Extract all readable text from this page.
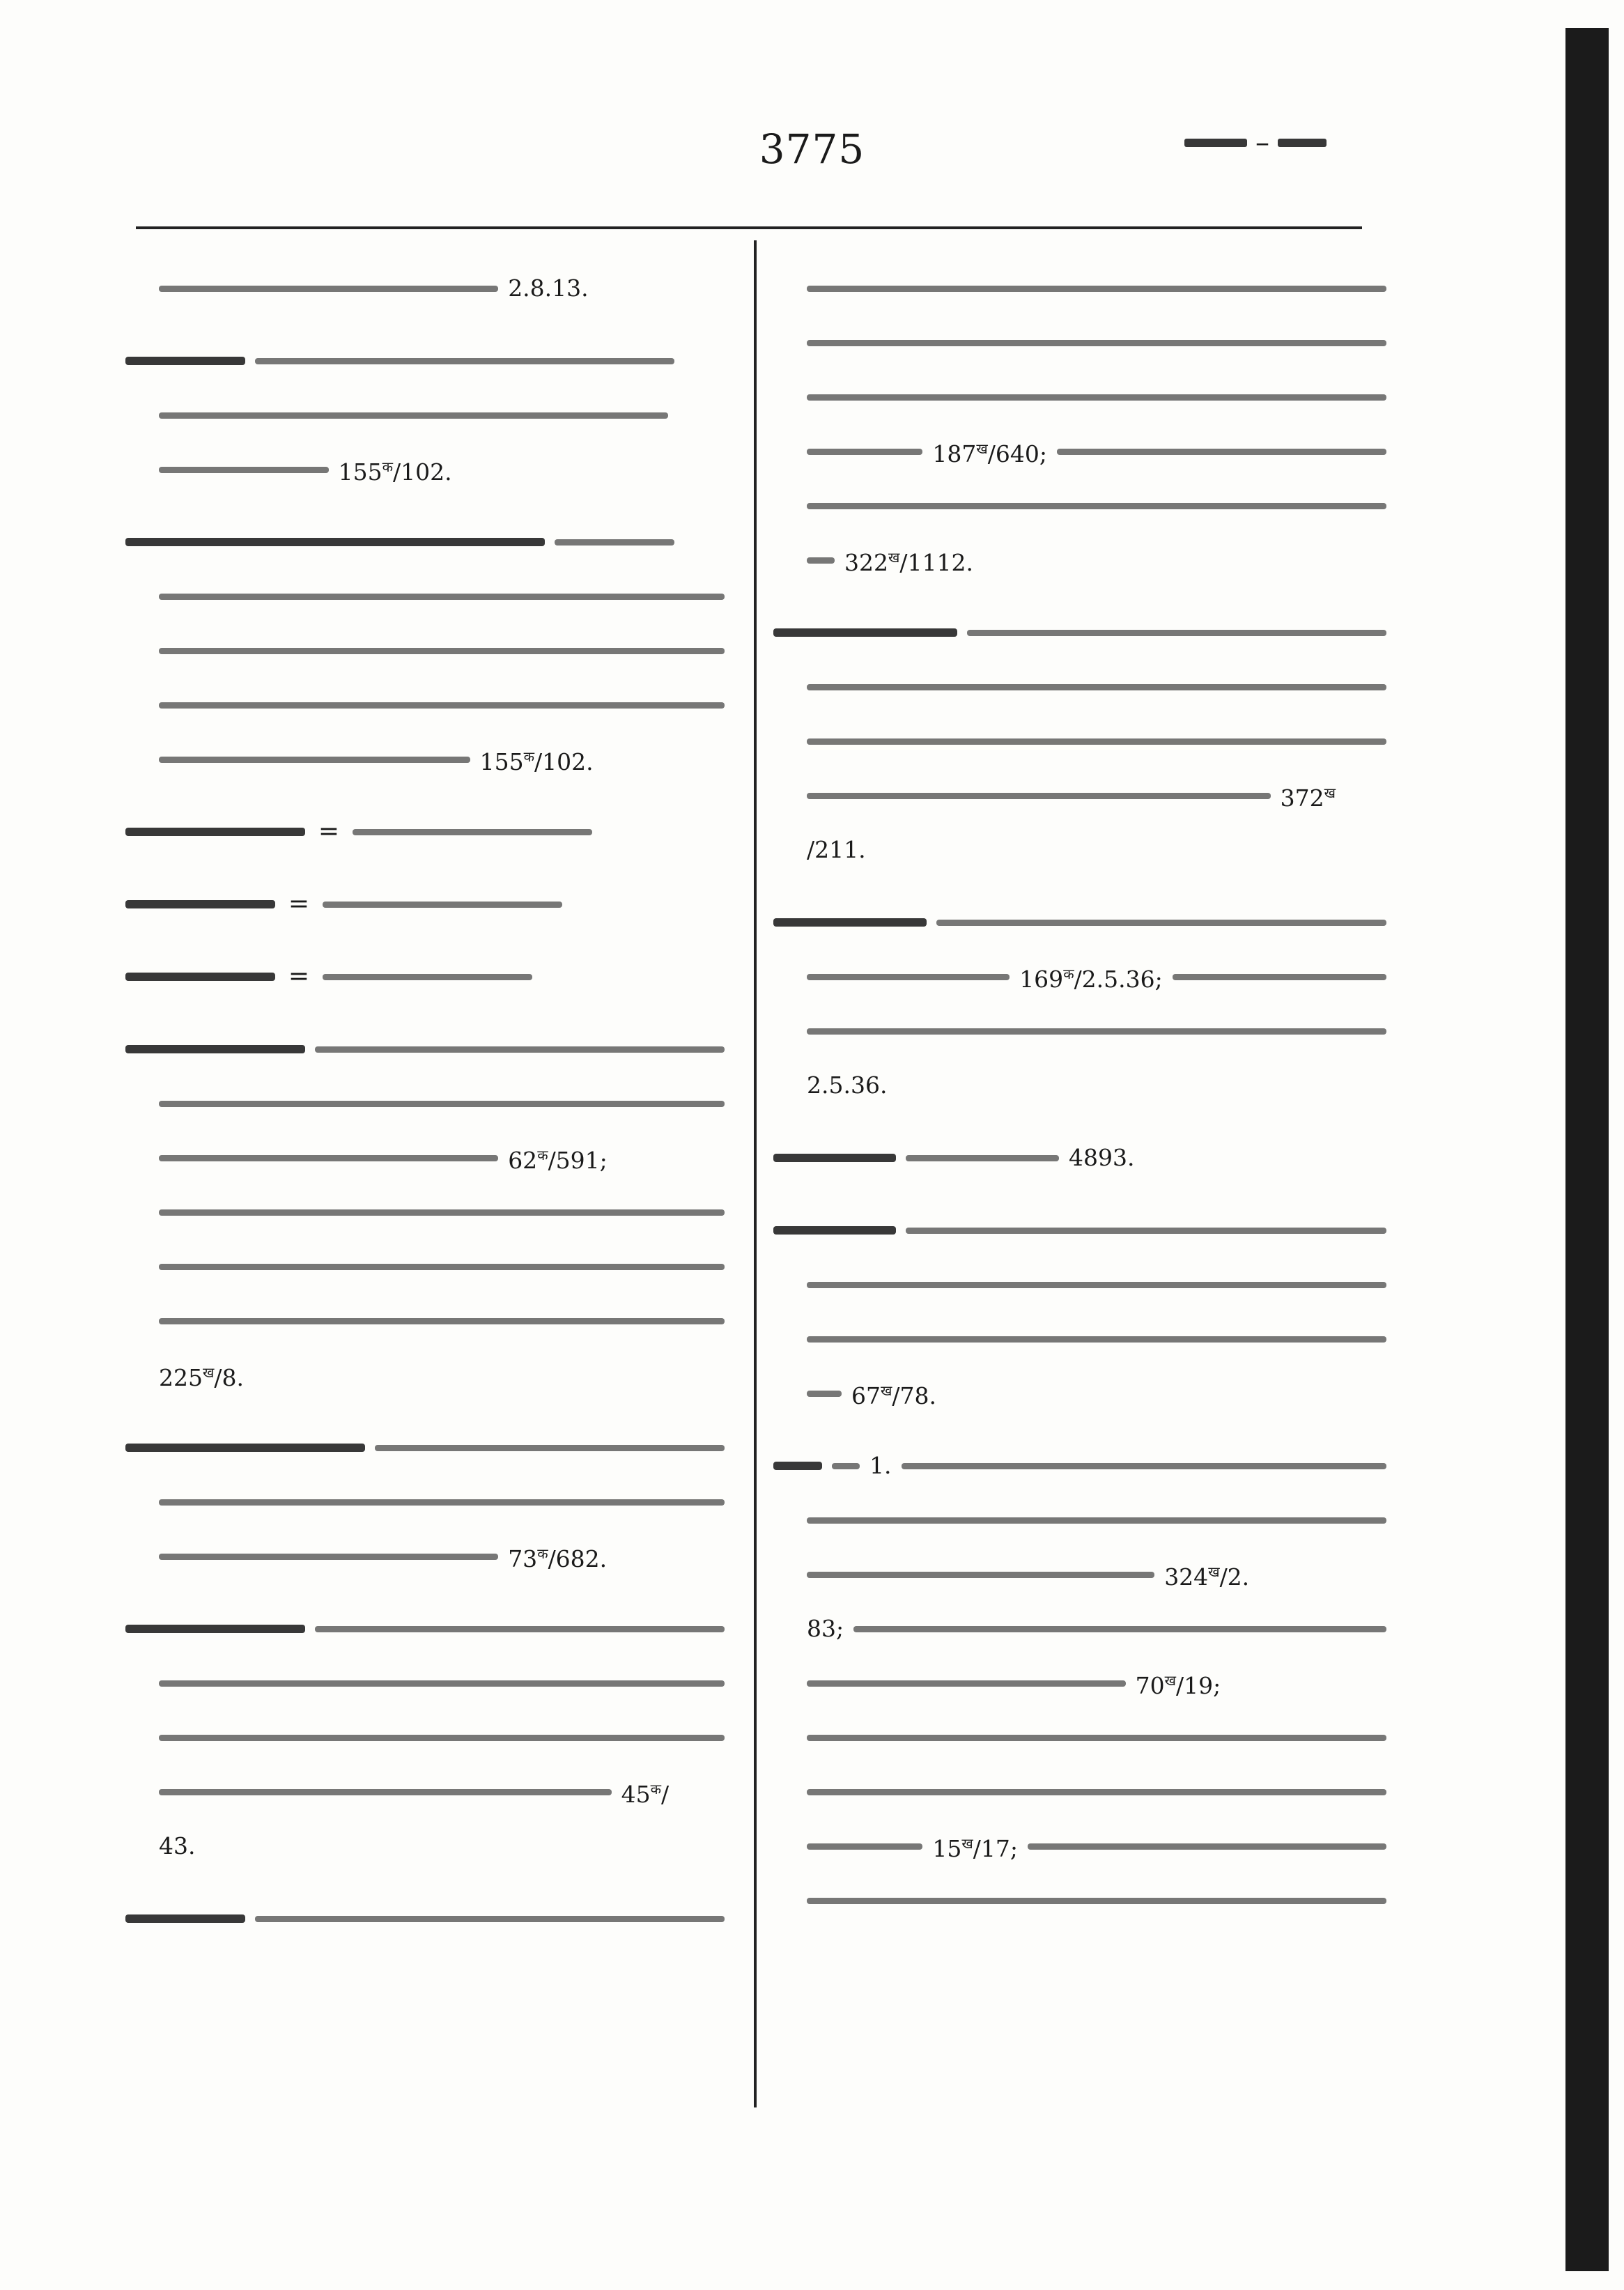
3775	–
2.8.13.
$155^क/102$.
$155^क/102$.
=
=
=
$62^क/591$;
$225^ख/8$.
$73^क/682$.
$45^क/$
43.
$187^ख/640$;
$322^ख/1112$.
$372^ख$
/211.
$169^क/2.5.36$;
2.5.36.
4893.
$67^ख/78$.
1.
$324^ख/2$.
83;
$70^ख/19$;
$15^ख/17$;
